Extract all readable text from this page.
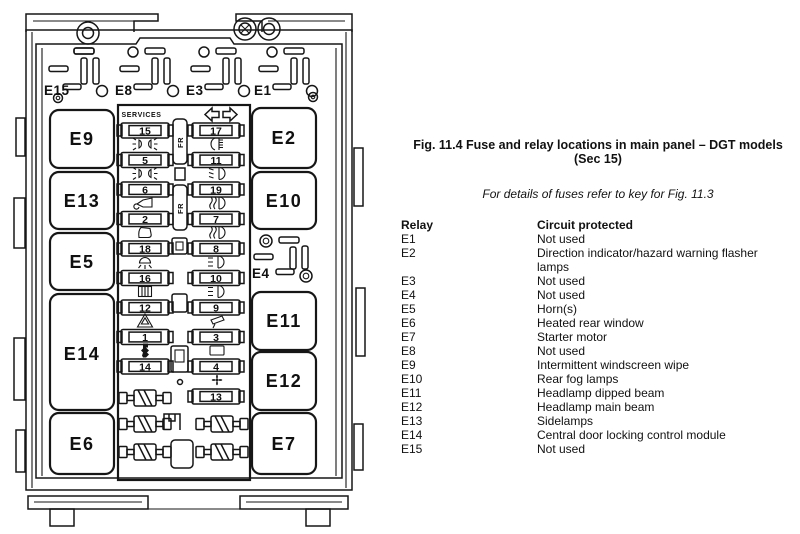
E15	E8	E3	E1
E9
E13
E5
E14
E6
E2
E10
E11
E12
E7
E4
SERVICES
FR
FR
15
5
6
2
18
16
12
1
14
17
11
19
7
8
10
9
3
4
13
Fig. 11.4 Fuse and relay locations in main panel – DGT models
(Sec 15)
For details of fuses refer to key for Fig. 11.3
Relay	Circuit protected
E1	Not used
E2	Direction indicator/hazard warning flasher lamps
E3	Not used
E4	Not used
E5	Horn(s)
E6	Heated rear window
E7	Starter motor
E8	Not used
E9	Intermittent windscreen wipe
E10	Rear fog lamps
E11	Headlamp dipped beam
E12	Headlamp main beam
E13	Sidelamps
E14	Central door locking control module
E15	Not used
